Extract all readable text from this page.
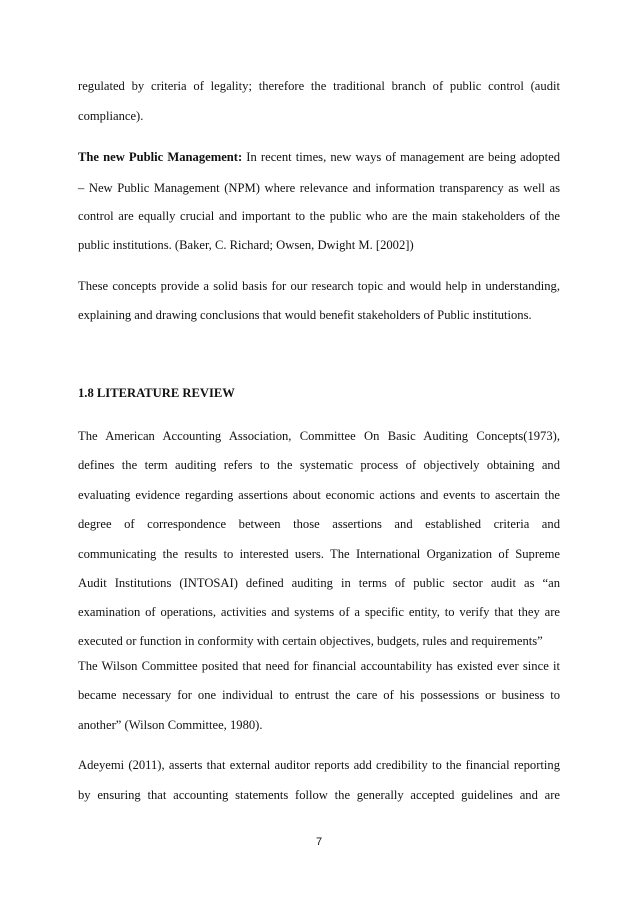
regulated by criteria of legality; therefore the traditional branch of public control (audit
compliance).
The new Public Management: In recent times, new ways of management are being adopted
– New Public Management (NPM) where relevance and information transparency as well as
control are equally crucial and important to the public who are the main stakeholders of the
public institutions. (Baker, C. Richard; Owsen, Dwight M. [2002])
These concepts provide a solid basis for our research topic and would help in understanding,
explaining and drawing conclusions that would benefit stakeholders of Public institutions.
1.8 LITERATURE REVIEW
The American Accounting Association, Committee On Basic Auditing Concepts(1973),
defines the term auditing refers to the systematic process of objectively obtaining and
evaluating evidence regarding assertions about economic actions and events to ascertain the
degree of correspondence between those assertions and established criteria and
communicating the results to interested users. The International Organization of Supreme
Audit Institutions (INTOSAI) defined auditing in terms of public sector audit as “an
examination of operations, activities and systems of a specific entity, to verify that they are
executed or function in conformity with certain objectives, budgets, rules and requirements”
The Wilson Committee posited that need for financial accountability has existed ever since it
became necessary for one individual to entrust the care of his possessions or business to
another” (Wilson Committee, 1980).
Adeyemi (2011), asserts that external auditor reports add credibility to the financial reporting
by ensuring that accounting statements follow the generally accepted guidelines and are
7
